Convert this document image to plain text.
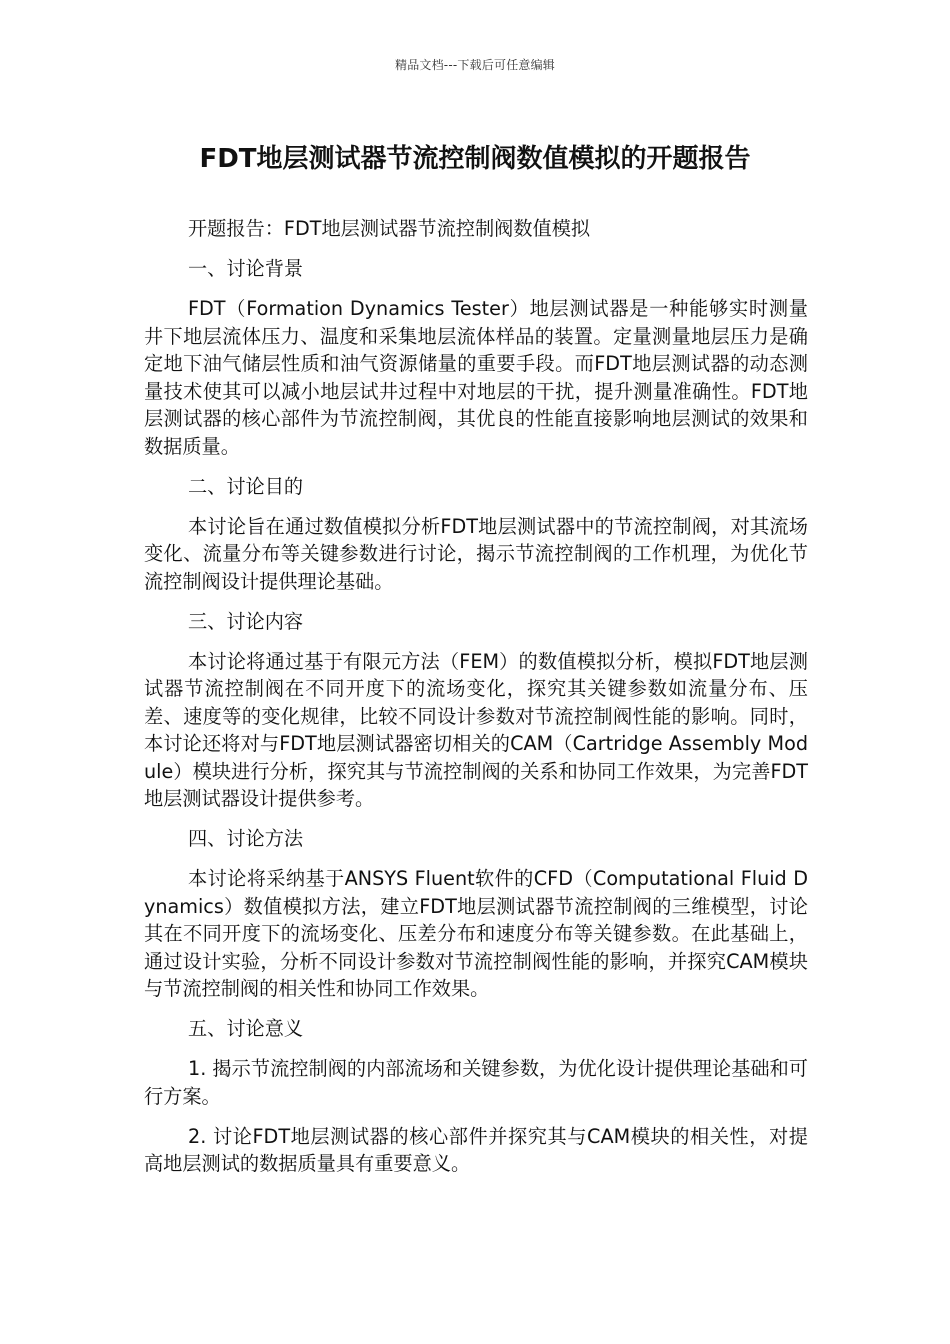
精品文档---下载后可任意编辑
FDT地层测试器节流控制阀数值模拟的开题报告

开题报告：FDT地层测试器节流控制阀数值模拟

一、讨论背景

FDT（Formation Dynamics Tester）地层测试器是一种能够实时测量井下地层流体压力、温度和采集地层流体样品的装置。定量测量地层压力是确定地下油气储层性质和油气资源储量的重要手段。而FDT地层测试器的动态测量技术使其可以减小地层试井过程中对地层的干扰，提升测量准确性。FDT地层测试器的核心部件为节流控制阀，其优良的性能直接影响地层测试的效果和数据质量。

二、讨论目的

本讨论旨在通过数值模拟分析FDT地层测试器中的节流控制阀，对其流场变化、流量分布等关键参数进行讨论，揭示节流控制阀的工作机理，为优化节流控制阀设计提供理论基础。

三、讨论内容

本讨论将通过基于有限元方法（FEM）的数值模拟分析，模拟FDT地层测试器节流控制阀在不同开度下的流场变化，探究其关键参数如流量分布、压差、速度等的变化规律，比较不同设计参数对节流控制阀性能的影响。同时，本讨论还将对与FDT地层测试器密切相关的CAM（Cartridge Assembly Module）模块进行分析，探究其与节流控制阀的关系和协同工作效果，为完善FDT地层测试器设计提供参考。

四、讨论方法

本讨论将采纳基于ANSYS Fluent软件的CFD（Computational Fluid Dynamics）数值模拟方法，建立FDT地层测试器节流控制阀的三维模型，讨论其在不同开度下的流场变化、压差分布和速度分布等关键参数。在此基础上，通过设计实验，分析不同设计参数对节流控制阀性能的影响，并探究CAM模块与节流控制阀的相关性和协同工作效果。

五、讨论意义

1. 揭示节流控制阀的内部流场和关键参数，为优化设计提供理论基础和可行方案。

2. 讨论FDT地层测试器的核心部件并探究其与CAM模块的相关性，对提高地层测试的数据质量具有重要意义。
